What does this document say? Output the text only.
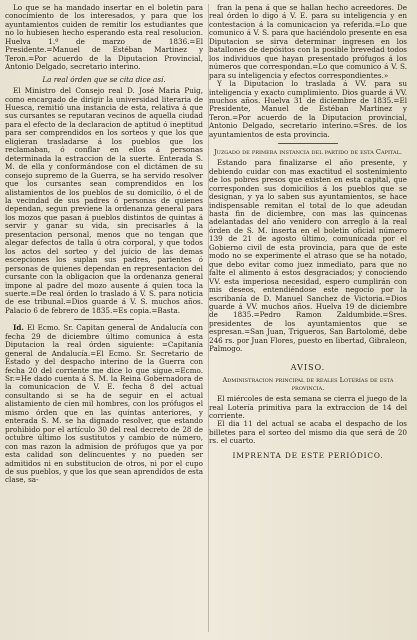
Lo que se ha mandado insertar en el boletin para conocimiento de los interesados, y para que los ayuntamientos cuiden de remitir los estudiantes que no lo hubiesen hecho esperando esta real resolucion. Huelva 1.º de marzo de 1836.=El Presidente.=Manuel de Estéban Martinez y Teron.=Por acuerdo de la Diputacion Provincial, Antonio Delgado, secretario interino.

La real órden que se cita dice así.

El Ministro del Consejo real D. José Maria Puig, como encargado de dirigir la universidad literaria de Huesca, remitió una instancia de esta, relativa á que sus cursantes se reputaran vecinos de aquella ciudad para el efecto de la declaracion de aptitud ó ineptitud para ser comprendidos en los sorteos y que los que eligieran trasladarse á los pueblos que los reclamaban, ó conflar en ellos á personas determinada la estraccion de la suerte. Enterada S. M. de ella y conformándose con el dictámen de su consejo supremo de la Guerra, se ha servido resolver que los cursantes sean comprendidos en los alistamientos de los pueblos de su domicilio, ó el de la vecindad de sus padres ó personas de quienes dependan, segun previene la ordenanza general para los mozos que pasan á pueblos distintos de quintas á servir y ganar su vida, sin precisarles á la presentacion personal, menos que no tengan que alegar defectos de talla ú otra corporal, y que todos los actos del sorteo y del juicio de las demas escepciones los suplan sus padres, parientes ó personas de quienes dependan en representacion del cursante con la obligacion que la ordenanza general impone al padre del mozo ausente á quien toca la suerte.=De real órden lo traslado á V. S. para noticia de ese tribunal.=Dios guarde á V. S. muchos años. Palacio 6 de febrero de 1835.=Es copia.=Basta.

Id. El Ecmo. Sr. Capitan general de Andalucía con fecha 29 de diciembre último comunica á esta Diputacion la real órden siguiente: =Capitanía general de Andalucía.=El Ecmo. Sr. Secretario de Estado y del despacho interino de la Guerra con fecha 20 del corriente me dice lo que sigue.=Ecmo. Sr.=He dado cuenta á S. M. la Reina Gobernadora de la comunicacion de V. E. fecha 8 del actual consultando si se ha de seguir en el actual alistamiento de cien mil hombres, con los prófugos el mismo órden que en las quintas anteriores, y enterada S. M. se ha dignado resolver, que estando prohibido por el artículo 30 del real decreto de 28 de octubre último los sustitutos y cambio de número, con mas razon la admision de prófugos que ya por esta calidad son delincuentes y no pueden ser admitidos ni en substitucion de otros, ni por el cupo de sus pueblos, y que los que sean aprendidos de esta clase, sa-

fran la pena á que se hallan hecho acreedores. De real órden lo digo á V. E. para su inteligencia y en contestacion á la comunicacion ya referida.=Lo que comunico á V. S. para que haciéndolo presente en esa Diputacion se sirva determinar ingresen en los batallones de depósitos con la posible brevedad todos los individuos que hayan presentado prófugos á los números que correspondan.=Lo que comunico á V. S. para su inteligencia y efectos correspondientes.»

Y la Diputacion lo traslada á VV. para su inteligencia y exacto cumplimiento. Dios guarde á VV. muchos años. Huelva 31 de diciembre de 1835.=El Presidente, Manuel de Estéban Martinez y Teron.=Por acuerdo de la Diputacion provincial, Antonio Delgado, secretario interino.=Sres. de los ayuntamientos de esta provincia.

Juzgado de primera instancia del partido de esta Capital.

Estando para finalizarse el año presente, y debiendo cuidar con mas exactitud el sostenimiento de los pobres presos que existen en esta capital, que corresponden sus domicilios á los pueblos que se designan, y ya lo saben sus ayuntamientos, se hace indispensable remitan el total de lo que adeudan hasta fin de diciembre, con mas las quincenas adelantadas del año venidero con arreglo á la real órden de S. M. inserta en el boletin oficial número 139 de 21 de agosto último, comunicada por el Gobierno civil de esta provincia, para que de este modo no se experimente el atraso que se ha notado, que debo evitar como juez inmediato, para que no falte el alimento á estos desgraciados; y conociendo VV. esta imperiosa necesidad, espero cumplirán con mis deseos, entendiéndose este negocio por la escribanía de D. Manuel Sanchez de Victoria.=Dios guarde á VV. muchos años. Huelva 19 de diciembre de 1835.=Pedro Ramon Zaldumbide.=Sres. presidentes de los ayuntamientos que se espresan.=San Juan, Trigueros, San Bartolomé, debe 246 rs. por Juan Flores, puesto en libertad, Gibraleon, Palmogo.

AVISO.

Administracion principal de reales Loterías de esta provincia.

El miércoles de esta semana se cierra el juego de la real Lotería primitiva para la extraccion de 14 del corriente.

El dia 11 del actual se acaba el despacho de los billetes para el sorteo del mismo dia que será de 20 rs. el cuarto.

IMPRENTA DE ESTE PERIÓDICO.
